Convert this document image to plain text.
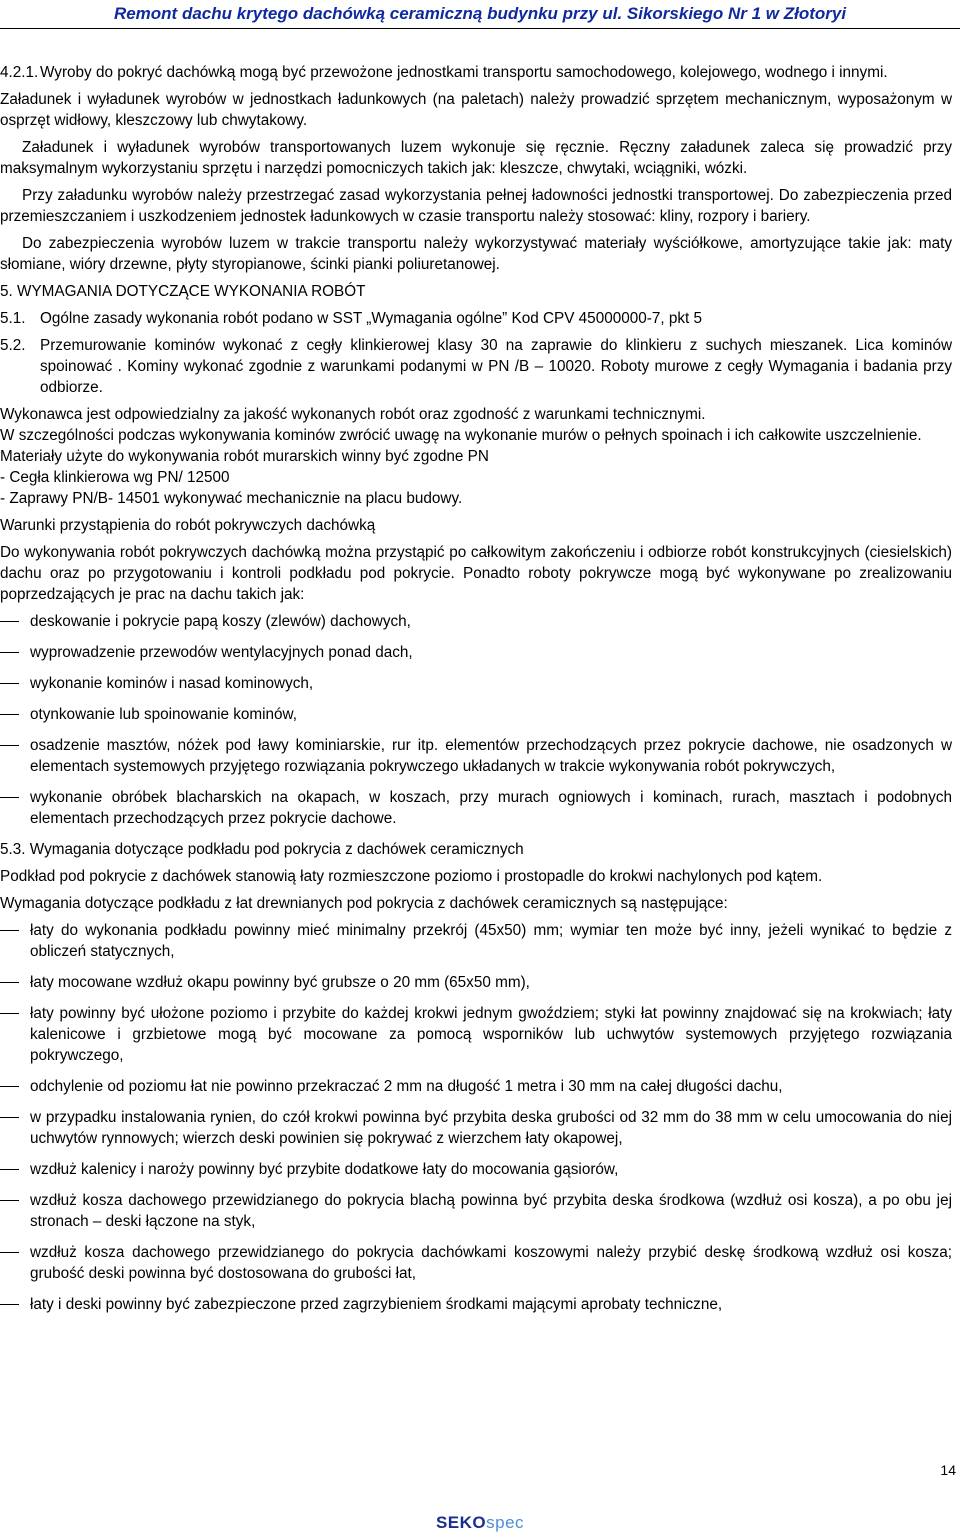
Remont dachu krytego dachówką ceramiczną budynku przy ul. Sikorskiego Nr 1 w Złotoryi
4.2.1. Wyroby do pokryć dachówką mogą być przewożone jednostkami transportu samochodowego, kolejowego, wodnego i innymi.

Załadunek i wyładunek wyrobów w jednostkach ładunkowych (na paletach) należy prowadzić sprzętem mechanicznym, wyposażonym w osprzęt widłowy, kleszczowy lub chwytakowy.

Załadunek i wyładunek wyrobów transportowanych luzem wykonuje się ręcznie. Ręczny załadunek zaleca się prowadzić przy maksymalnym wykorzystaniu sprzętu i narzędzi pomocniczych takich jak: kleszcze, chwytaki, wciągniki, wózki.

Przy załadunku wyrobów należy przestrzegać zasad wykorzystania pełnej ładowności jednostki transportowej. Do zabezpieczenia przed przemieszczaniem i uszkodzeniem jednostek ładunkowych w czasie transportu należy stosować: kliny, rozpory i bariery.

Do zabezpieczenia wyrobów luzem w trakcie transportu należy wykorzystywać materiały wyściółkowe, amortyzujące takie jak: maty słomiane, wióry drzewne, płyty styropianowe, ścinki pianki poliuretanowej.

5. WYMAGANIA DOTYCZĄCE WYKONANIA ROBÓT

5.1. Ogólne zasady wykonania robót podano w SST „Wymagania ogólne” Kod CPV 45000000-7, pkt 5
5.2. Przemurowanie kominów wykonać z cegły klinkierowej klasy 30 na zaprawie do klinkieru z suchych mieszanek. Lica kominów spoinować . Kominy wykonać zgodnie z warunkami podanymi w PN /B – 10020. Roboty murowe z cegły Wymagania i badania przy odbiorze.

Wykonawca jest odpowiedzialny za jakość wykonanych robót oraz zgodność z warunkami technicznymi.

W szczególności podczas wykonywania kominów zwrócić uwagę na wykonanie murów o pełnych spoinach i ich całkowite uszczelnienie.

Materiały użyte do wykonywania robót murarskich winny być zgodne PN

- Cegła klinkierowa wg PN/ 12500

- Zaprawy PN/B- 14501 wykonywać mechanicznie na placu budowy.

Warunki przystąpienia do robót pokrywczych dachówką

Do wykonywania robót pokrywczych dachówką można przystąpić po całkowitym zakończeniu i odbiorze robót konstrukcyjnych (ciesielskich) dachu oraz po przygotowaniu i kontroli podkładu pod pokrycie. Ponadto roboty pokrywcze mogą być wykonywane po zrealizowaniu poprzedzających je prac na dachu takich jak:

deskowanie i pokrycie papą koszy (zlewów) dachowych,
wyprowadzenie przewodów wentylacyjnych ponad dach,
wykonanie kominów i nasad kominowych,
otynkowanie lub spoinowanie kominów,
osadzenie masztów, nóżek pod ławy kominiarskie, rur itp. elementów przechodzących przez pokrycie dachowe, nie osadzonych w elementach systemowych przyjętego rozwiązania pokrywczego układanych w trakcie wykonywania robót pokrywczych,
wykonanie obróbek blacharskich na okapach, w koszach, przy murach ogniowych i kominach, rurach, masztach i podobnych elementach przechodzących przez pokrycie dachowe.

5.3. Wymagania dotyczące podkładu pod pokrycia z dachówek ceramicznych

Podkład pod pokrycie z dachówek stanowią łaty rozmieszczone poziomo i prostopadle do krokwi nachylonych pod kątem.

Wymagania dotyczące podkładu z łat drewnianych pod pokrycia z dachówek ceramicznych są następujące:

łaty do wykonania podkładu powinny mieć minimalny przekrój (45x50) mm; wymiar ten może być inny, jeżeli wynikać to będzie z obliczeń statycznych,
łaty mocowane wzdłuż okapu powinny być grubsze o 20 mm (65x50 mm),
łaty powinny być ułożone poziomo i przybite do każdej krokwi jednym gwoździem; styki łat powinny znajdować się na krokwiach; łaty kalenicowe i grzbietowe mogą być mocowane za pomocą wsporników lub uchwytów systemowych przyjętego rozwiązania pokrywczego,
odchylenie od poziomu łat nie powinno przekraczać 2 mm na długość 1 metra i 30 mm na całej długości dachu,
w przypadku instalowania rynien, do czół krokwi powinna być przybita deska grubości od 32 mm do 38 mm w celu umocowania do niej uchwytów rynnowych; wierzch deski powinien się pokrywać z wierzchem łaty okapowej,
wzdłuż kalenicy i naroży powinny być przybite dodatkowe łaty do mocowania gąsiorów,
wzdłuż kosza dachowego przewidzianego do pokrycia blachą powinna być przybita deska środkowa (wzdłuż osi kosza), a po obu jej stronach – deski łączone na styk,
wzdłuż kosza dachowego przewidzianego do pokrycia dachówkami koszowymi należy przybić deskę środkową wzdłuż osi kosza; grubość deski powinna być dostosowana do grubości łat,
łaty i deski powinny być zabezpieczone przed zagrzybieniem środkami mającymi aprobaty techniczne,
14
SEKOspec
